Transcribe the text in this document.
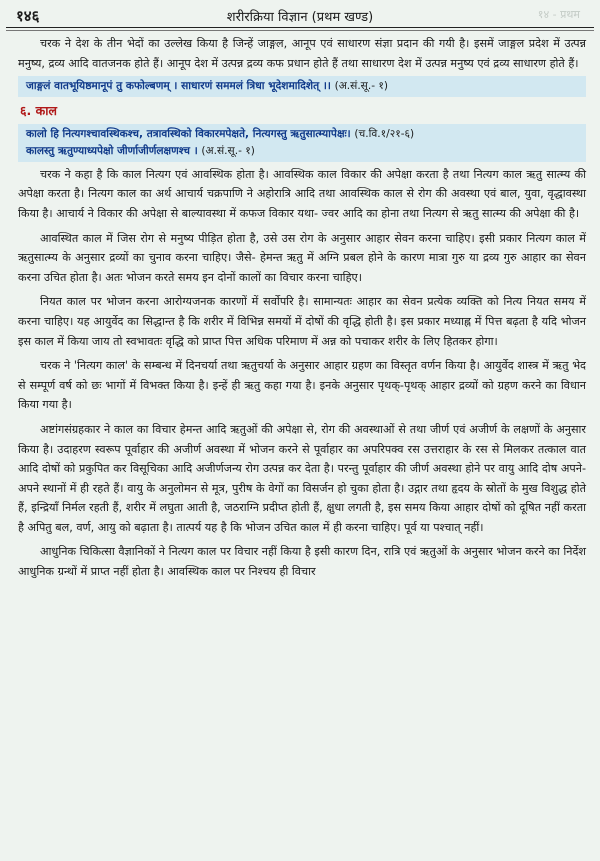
१४६	शरीरक्रिया विज्ञान (प्रथम खण्ड)	१४ - प्रथम

चरक ने देश के तीन भेदों का उल्लेख किया है जिन्हें जाङ्गल, आनूप एवं साधारण संज्ञा प्रदान की गयी है। इसमें जाङ्गल प्रदेश में उत्पन्न मनुष्य, द्रव्य आदि वातजनक होते हैं। आनूप देश में उत्पन्न द्रव्य कफ प्रधान होते हैं तथा साधारण देश में उत्पन्न मनुष्य एवं द्रव्य साधारण होते हैं।

जाङ्गलं वातभूयिष्ठमानूपं तु कफोल्बणम् । साधारणं सममलं त्रिधा भूदेशमादिशेत् ।। (अ.सं.सू.- १)
६. काल
कालो हि नित्यगश्चावस्थिकश्च, तत्रावस्थिको विकारमपेक्षते, नित्यगस्तु ऋतुसात्म्यापेक्षः। (च.वि.१/२१-६)
कालस्तु ऋतुण्याध्यपेक्षो जीर्णाजीर्णलक्षणश्च । (अ.सं.सू.- १)

चरक ने कहा है कि काल नित्यग एवं आवस्थिक होता है। आवस्थिक काल विकार की अपेक्षा करता है तथा नित्यग काल ऋतु सात्म्य की अपेक्षा करता है। नित्यग काल का अर्थ आचार्य चक्रपाणि ने अहोरात्रि आदि तथा आवस्थिक काल से रोग की अवस्था एवं बाल, युवा, वृद्धावस्था किया है। आचार्य ने विकार की अपेक्षा से बाल्यावस्था में कफज विकार यथा- ज्वर आदि का होना तथा नित्यग से ऋतु सात्म्य की अपेक्षा की है।

आवस्थित काल में जिस रोग से मनुष्य पीड़ित होता है, उसे उस रोग के अनुसार आहार सेवन करना चाहिए। इसी प्रकार नित्यग काल में ऋतुसात्म्य के अनुसार द्रव्यों का चुनाव करना चाहिए। जैसे- हेमन्त ऋतु में अग्नि प्रबल होने के कारण मात्रा गुरु या द्रव्य गुरु आहार का सेवन करना उचित होता है। अतः भोजन करते समय इन दोनों कालों का विचार करना चाहिए।

नियत काल पर भोजन करना आरोग्यजनक कारणों में सर्वोपरि है। सामान्यतः आहार का सेवन प्रत्येक व्यक्ति को नित्य नियत समय में करना चाहिए। यह आयुर्वेद का सिद्धान्त है कि शरीर में विभिन्न समयों में दोषों की वृद्धि होती है। इस प्रकार मध्याह्न में पित्त बढ़ता है यदि भोजन इस काल में किया जाय तो स्वभावतः वृद्धि को प्राप्त पित्त अधिक परिमाण में अन्न को पचाकर शरीर के लिए हितकर होगा।

चरक ने 'नित्यग काल' के सम्बन्ध में दिनचर्या तथा ऋतुचर्या के अनुसार आहार ग्रहण का विस्तृत वर्णन किया है। आयुर्वेद शास्त्र में ऋतु भेद से सम्पूर्ण वर्ष को छः भागों में विभक्त किया है। इन्हें ही ऋतु कहा गया है। इनके अनुसार पृथक्-पृथक् आहार द्रव्यों को ग्रहण करने का विधान किया गया है।

अष्टांगसंग्रहकार ने काल का विचार हेमन्त आदि ऋतुओं की अपेक्षा से, रोग की अवस्थाओं से तथा जीर्ण एवं अजीर्ण के लक्षणों के अनुसार किया है। उदाहरण स्वरूप पूर्वाहार की अजीर्ण अवस्था में भोजन करने से पूर्वाहार का अपरिपक्व रस उत्तराहार के रस से मिलकर तत्काल वात आदि दोषों को प्रकुपित कर विसूचिका आदि अजीर्णजन्य रोग उत्पन्न कर देता है। परन्तु पूर्वाहार की जीर्ण अवस्था होने पर वायु आदि दोष अपने-अपने स्थानों में ही रहते हैं। वायु के अनुलोमन से मूत्र, पुरीष के वेगों का विसर्जन हो चुका होता है। उद्गार तथा हृदय के स्रोतों के मुख विशुद्ध होते हैं, इन्द्रियाँ निर्मल रहती हैं, शरीर में लघुता आती है, जठराग्नि प्रदीप्त होती हैं, क्षुधा लगती है, इस समय किया आहार दोषों को दूषित नहीं करता है अपितु बल, वर्ण, आयु को बढ़ाता है। तात्पर्य यह है कि भोजन उचित काल में ही करना चाहिए। पूर्व या पश्चात् नहीं।

आधुनिक चिकित्सा वैज्ञानिकों ने नित्यग काल पर विचार नहीं किया है इसी कारण दिन, रात्रि एवं ऋतुओं के अनुसार भोजन करने का निर्देश आधुनिक ग्रन्थों में प्राप्त नहीं होता है। आवस्थिक काल पर निश्चय ही विचार
